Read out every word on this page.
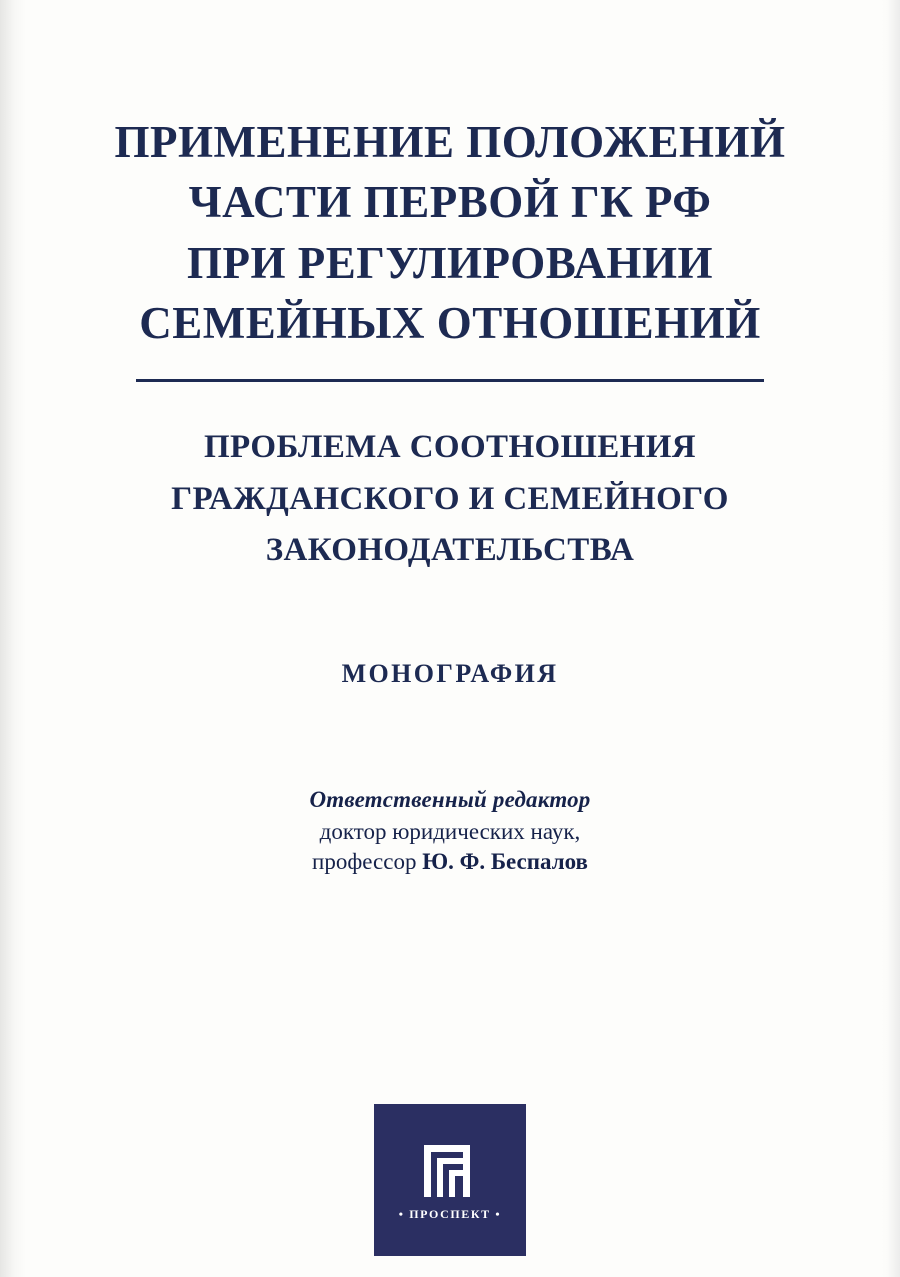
ПРИМЕНЕНИЕ ПОЛОЖЕНИЙ
ЧАСТИ ПЕРВОЙ ГК РФ
ПРИ РЕГУЛИРОВАНИИ
СЕМЕЙНЫХ ОТНОШЕНИЙ
ПРОБЛЕМА СООТНОШЕНИЯ
ГРАЖДАНСКОГО И СЕМЕЙНОГО
ЗАКОНОДАТЕЛЬСТВА
МОНОГРАФИЯ
Ответственный редактор
доктор юридических наук,
профессор Ю. Ф. Беспалов
• ПРОСПЕКТ •
